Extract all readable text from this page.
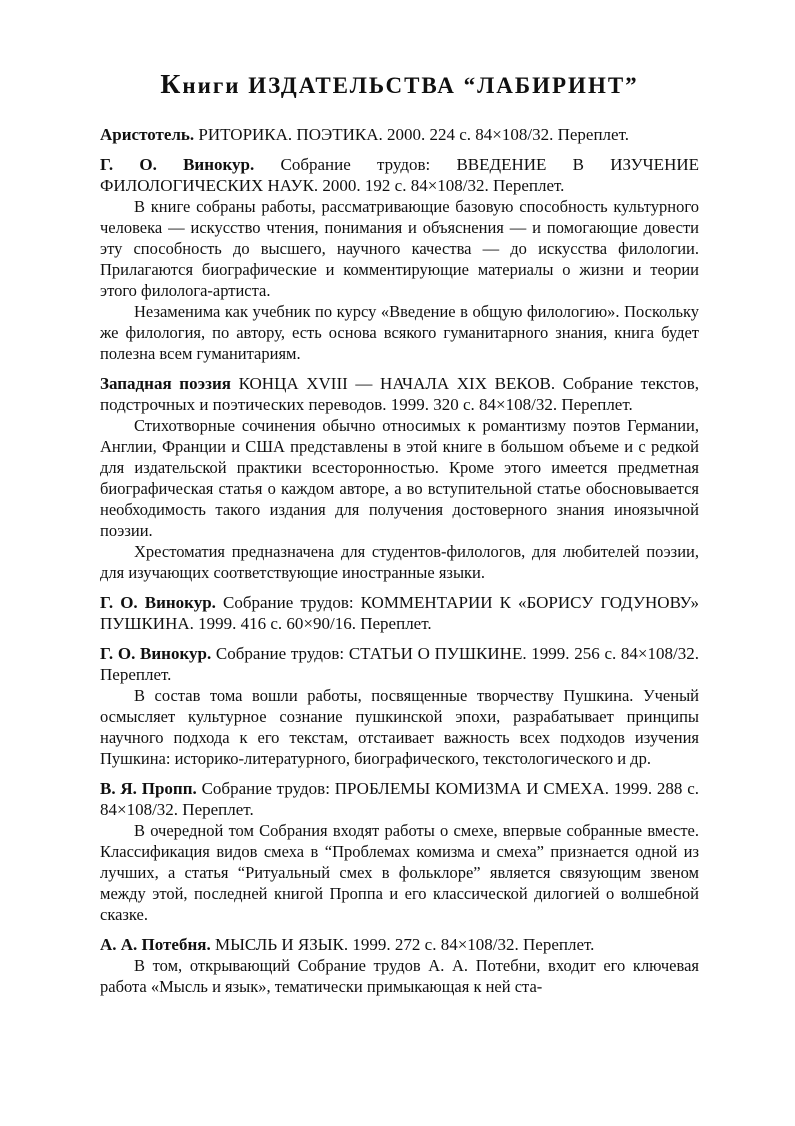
Книги ИЗДАТЕЛЬСТВА “ЛАБИРИНТ”

Аристотель. РИТОРИКА. ПОЭТИКА. 2000. 224 с. 84×108/32. Переплет.

Г. О. Винокур. Собрание трудов: ВВЕДЕНИЕ В ИЗУЧЕНИЕ ФИЛОЛОГИЧЕСКИХ НАУК. 2000. 192 с. 84×108/32. Переплет.

В книге собраны работы, рассматривающие базовую способность культурного человека — искусство чтения, понимания и объяснения — и помогающие довести эту способность до высшего, научного качества — до искусства филологии. Прилагаются биографические и комментирующие материалы о жизни и теории этого филолога-артиста.

Незаменима как учебник по курсу «Введение в общую филологию». Поскольку же филология, по автору, есть основа всякого гуманитарного знания, книга будет полезна всем гуманитариям.

Западная поэзия КОНЦА XVIII — НАЧАЛА XIX ВЕКОВ. Собрание текстов, подстрочных и поэтических переводов. 1999. 320 с. 84×108/32. Переплет.

Стихотворные сочинения обычно относимых к романтизму поэтов Германии, Англии, Франции и США представлены в этой книге в большом объеме и с редкой для издательской практики всесторонностью. Кроме этого имеется предметная биографическая статья о каждом авторе, а во вступительной статье обосновывается необходимость такого издания для получения достоверного знания иноязычной поэзии.

Хрестоматия предназначена для студентов-филологов, для любителей поэзии, для изучающих соответствующие иностранные языки.

Г. О. Винокур. Собрание трудов: КОММЕНТАРИИ К «БОРИСУ ГОДУНОВУ» ПУШКИНА. 1999. 416 с. 60×90/16. Переплет.

Г. О. Винокур. Собрание трудов: СТАТЬИ О ПУШКИНЕ. 1999. 256 с. 84×108/32. Переплет.

В состав тома вошли работы, посвященные творчеству Пушкина. Ученый осмысляет культурное сознание пушкинской эпохи, разрабатывает принципы научного подхода к его текстам, отстаивает важность всех подходов изучения Пушкина: историко-литературного, биографического, текстологического и др.

В. Я. Пропп. Собрание трудов: ПРОБЛЕМЫ КОМИЗМА И СМЕХА. 1999. 288 с. 84×108/32. Переплет.

В очередной том Собрания входят работы о смехе, впервые собранные вместе. Классификация видов смеха в “Проблемах комизма и смеха” признается одной из лучших, а статья “Ритуальный смех в фольклоре” является связующим звеном между этой, последней книгой Проппа и его классической дилогией о волшебной сказке.

А. А. Потебня. МЫСЛЬ И ЯЗЫК. 1999. 272 с. 84×108/32. Переплет.

В том, открывающий Собрание трудов А. А. Потебни, входит его ключевая работа «Мысль и язык», тематически примыкающая к ней ста-
